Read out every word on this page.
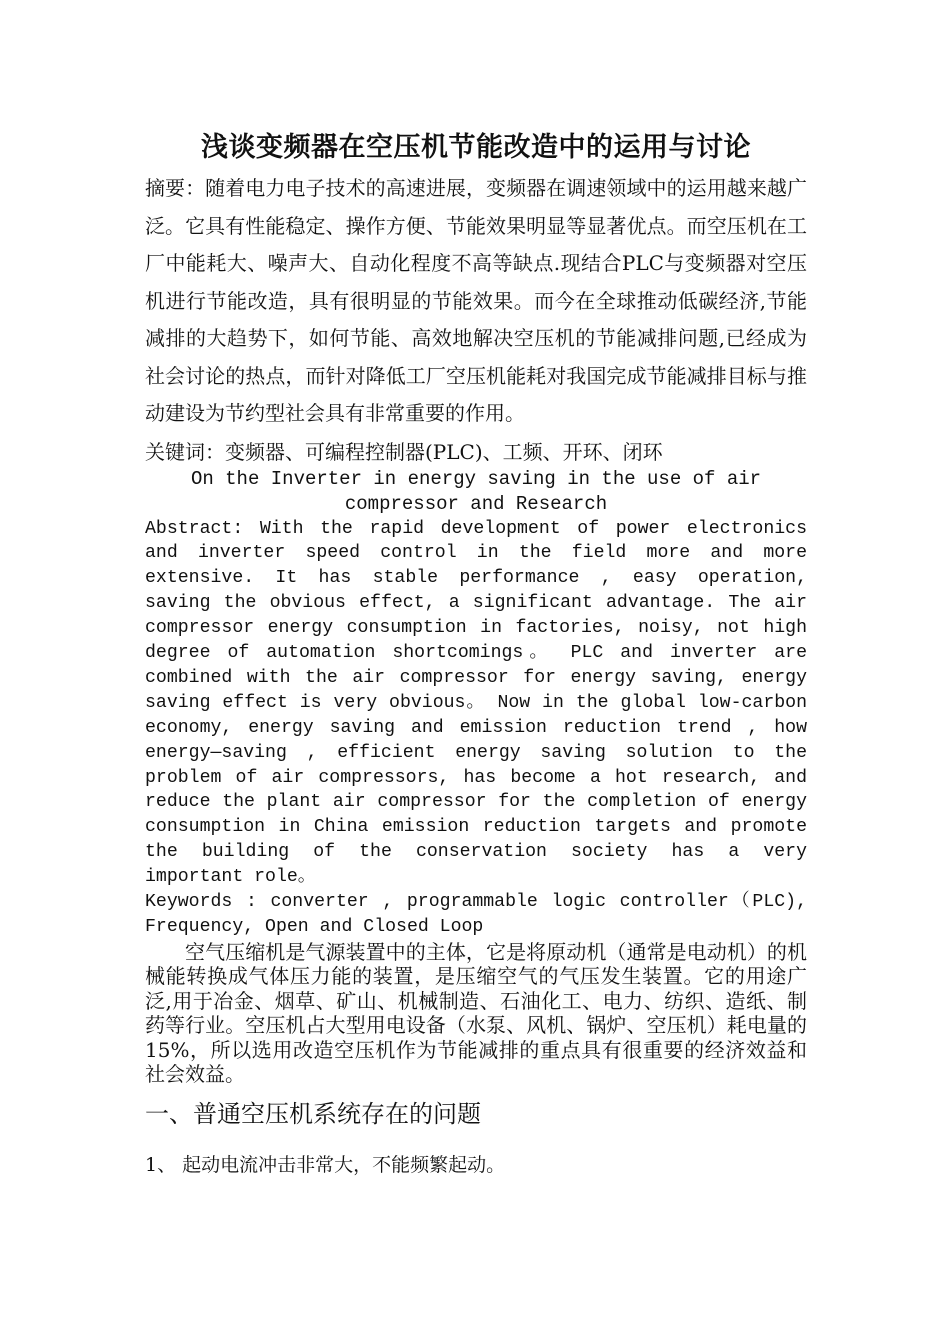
浅谈变频器在空压机节能改造中的运用与讨论

摘要：随着电力电子技术的高速进展，变频器在调速领域中的运用越来越广泛。它具有性能稳定、操作方便、节能效果明显等显著优点。而空压机在工厂中能耗大、噪声大、自动化程度不高等缺点.现结合PLC与变频器对空压机进行节能改造，具有很明显的节能效果。而今在全球推动低碳经济,节能减排的大趋势下，如何节能、高效地解决空压机的节能减排问题,已经成为社会讨论的热点，而针对降低工厂空压机能耗对我国完成节能减排目标与推动建设为节约型社会具有非常重要的作用。

关键词：变频器、可编程控制器(PLC)、工频、开环、闭环

On the Inverter in energy saving in the use of air compressor and Research

Abstract: With the rapid development of power electronics and inverter speed control in the field more and more extensive. It has stable performance , easy operation, saving the obvious effect, a significant advantage. The air compressor energy consumption in factories, noisy, not high degree of automation shortcomings。 PLC and inverter are combined with the air compressor for energy saving, energy saving effect is very obvious。 Now in the global low-carbon economy, energy saving and emission reduction trend , how energy—saving , efficient energy saving solution to the problem of air compressors, has become a hot research, and reduce the plant air compressor for the completion of energy consumption in China emission reduction targets and promote the building of the conservation society has a very important role。

Keywords : converter , programmable logic controller（PLC), Frequency, Open and Closed Loop

空气压缩机是气源装置中的主体，它是将原动机（通常是电动机）的机械能转换成气体压力能的装置，是压缩空气的气压发生装置。它的用途广泛,用于冶金、烟草、矿山、机械制造、石油化工、电力、纺织、造纸、制药等行业。空压机占大型用电设备（水泵、风机、锅炉、空压机）耗电量的15%，所以选用改造空压机作为节能减排的重点具有很重要的经济效益和社会效益。

一、普通空压机系统存在的问题

1、 起动电流冲击非常大，不能频繁起动。
